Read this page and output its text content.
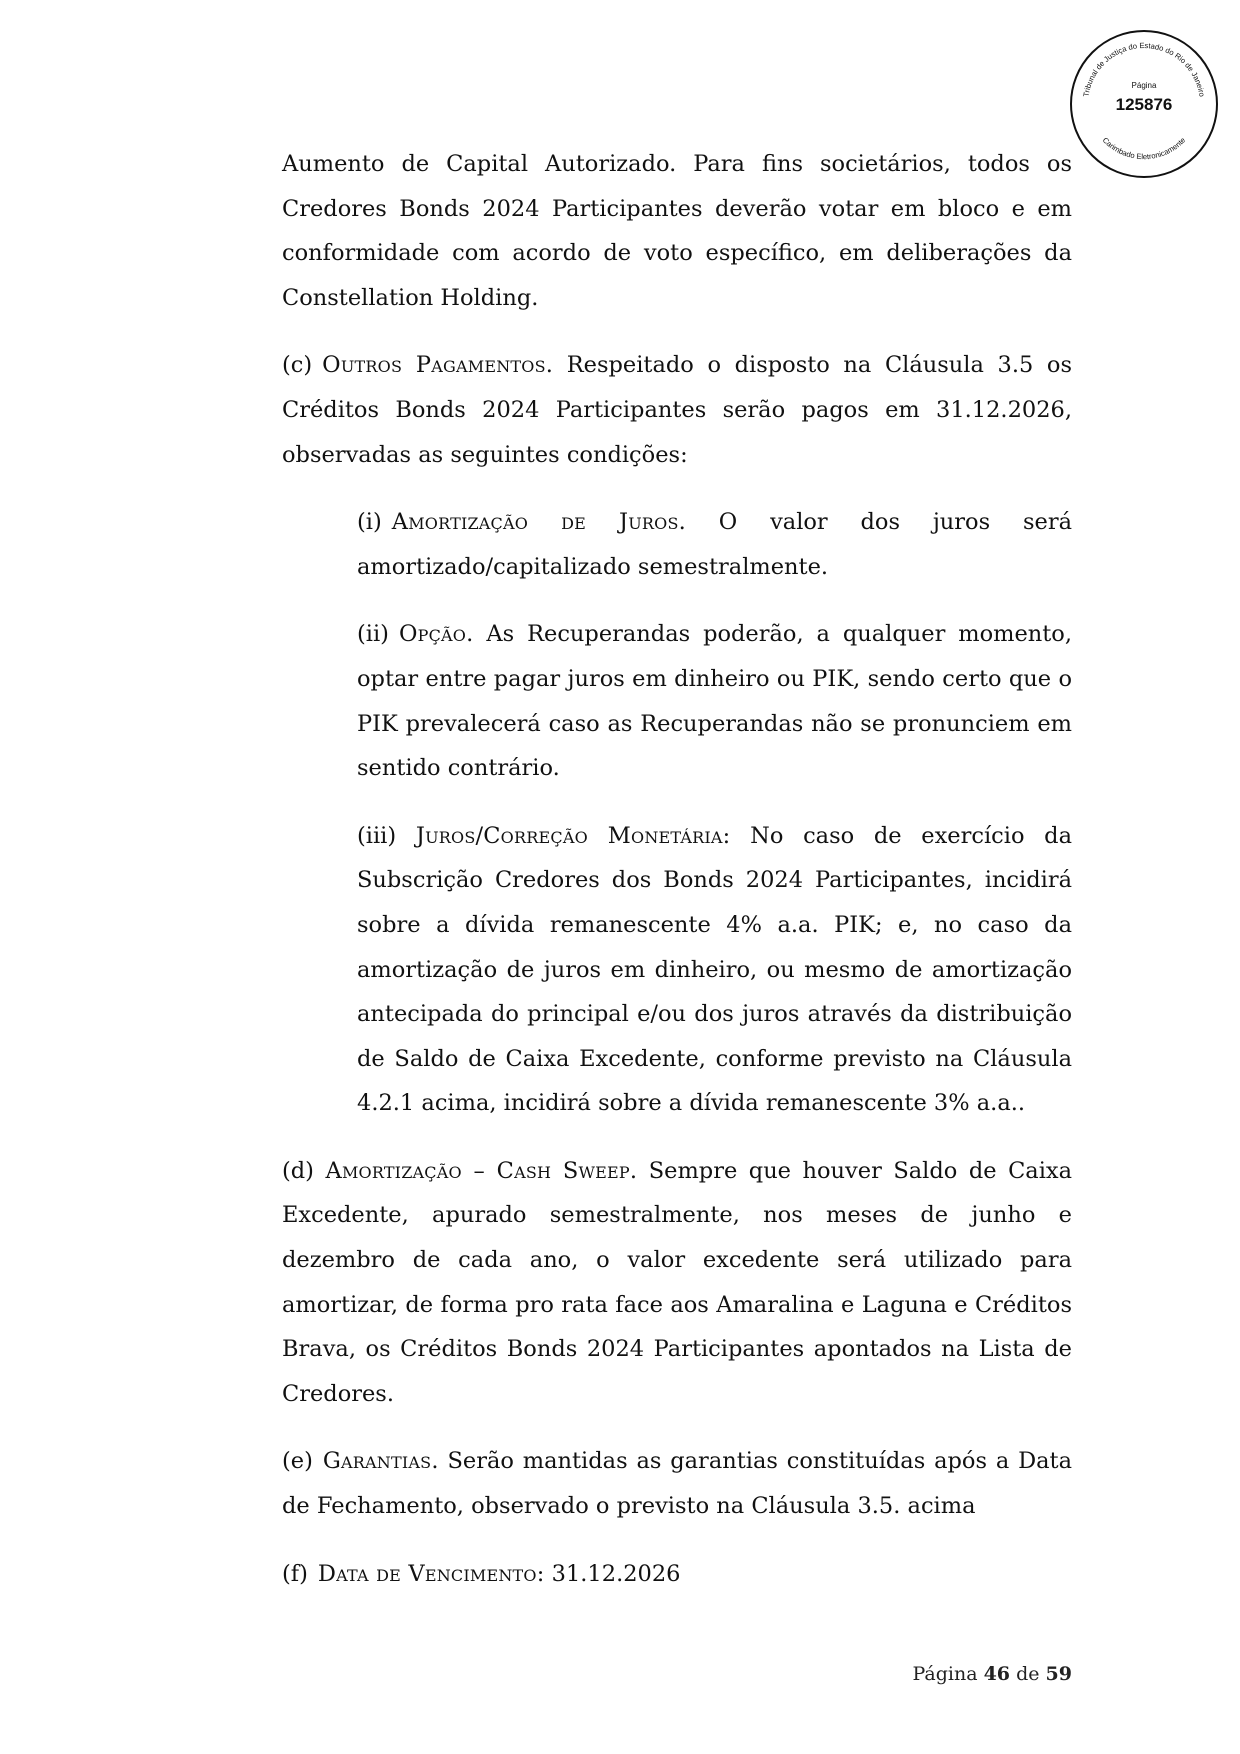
Tribunal de Justiça do Estado do Rio de Janeiro
Carimbado Eletronicamente
Página
125876

Aumento de Capital Autorizado. Para fins societários, todos os Credores Bonds 2024 Participantes deverão votar em bloco e em conformidade com acordo de voto específico, em deliberações da Constellation Holding.

(c) Outros Pagamentos. Respeitado o disposto na Cláusula 3.5 os Créditos Bonds 2024 Participantes serão pagos em 31.12.2026, observadas as seguintes condições:

(i) Amortização de Juros. O valor dos juros será amortizado/capitalizado semestralmente.

(ii) Opção. As Recuperandas poderão, a qualquer momento, optar entre pagar juros em dinheiro ou PIK, sendo certo que o PIK prevalecerá caso as Recuperandas não se pronunciem em sentido contrário.

(iii) Juros/Correção Monetária: No caso de exercício da Subscrição Credores dos Bonds 2024 Participantes, incidirá sobre a dívida remanescente 4% a.a. PIK; e, no caso da amortização de juros em dinheiro, ou mesmo de amortização antecipada do principal e/ou dos juros através da distribuição de Saldo de Caixa Excedente, conforme previsto na Cláusula 4.2.1 acima, incidirá sobre a dívida remanescente 3% a.a..

(d) Amortização – Cash Sweep. Sempre que houver Saldo de Caixa Excedente, apurado semestralmente, nos meses de junho e dezembro de cada ano, o valor excedente será utilizado para amortizar, de forma pro rata face aos Amaralina e Laguna e Créditos Brava, os Créditos Bonds 2024 Participantes apontados na Lista de Credores.

(e) Garantias. Serão mantidas as garantias constituídas após a Data de Fechamento, observado o previsto na Cláusula 3.5. acima

(f) Data de Vencimento: 31.12.2026

Página 46 de 59
